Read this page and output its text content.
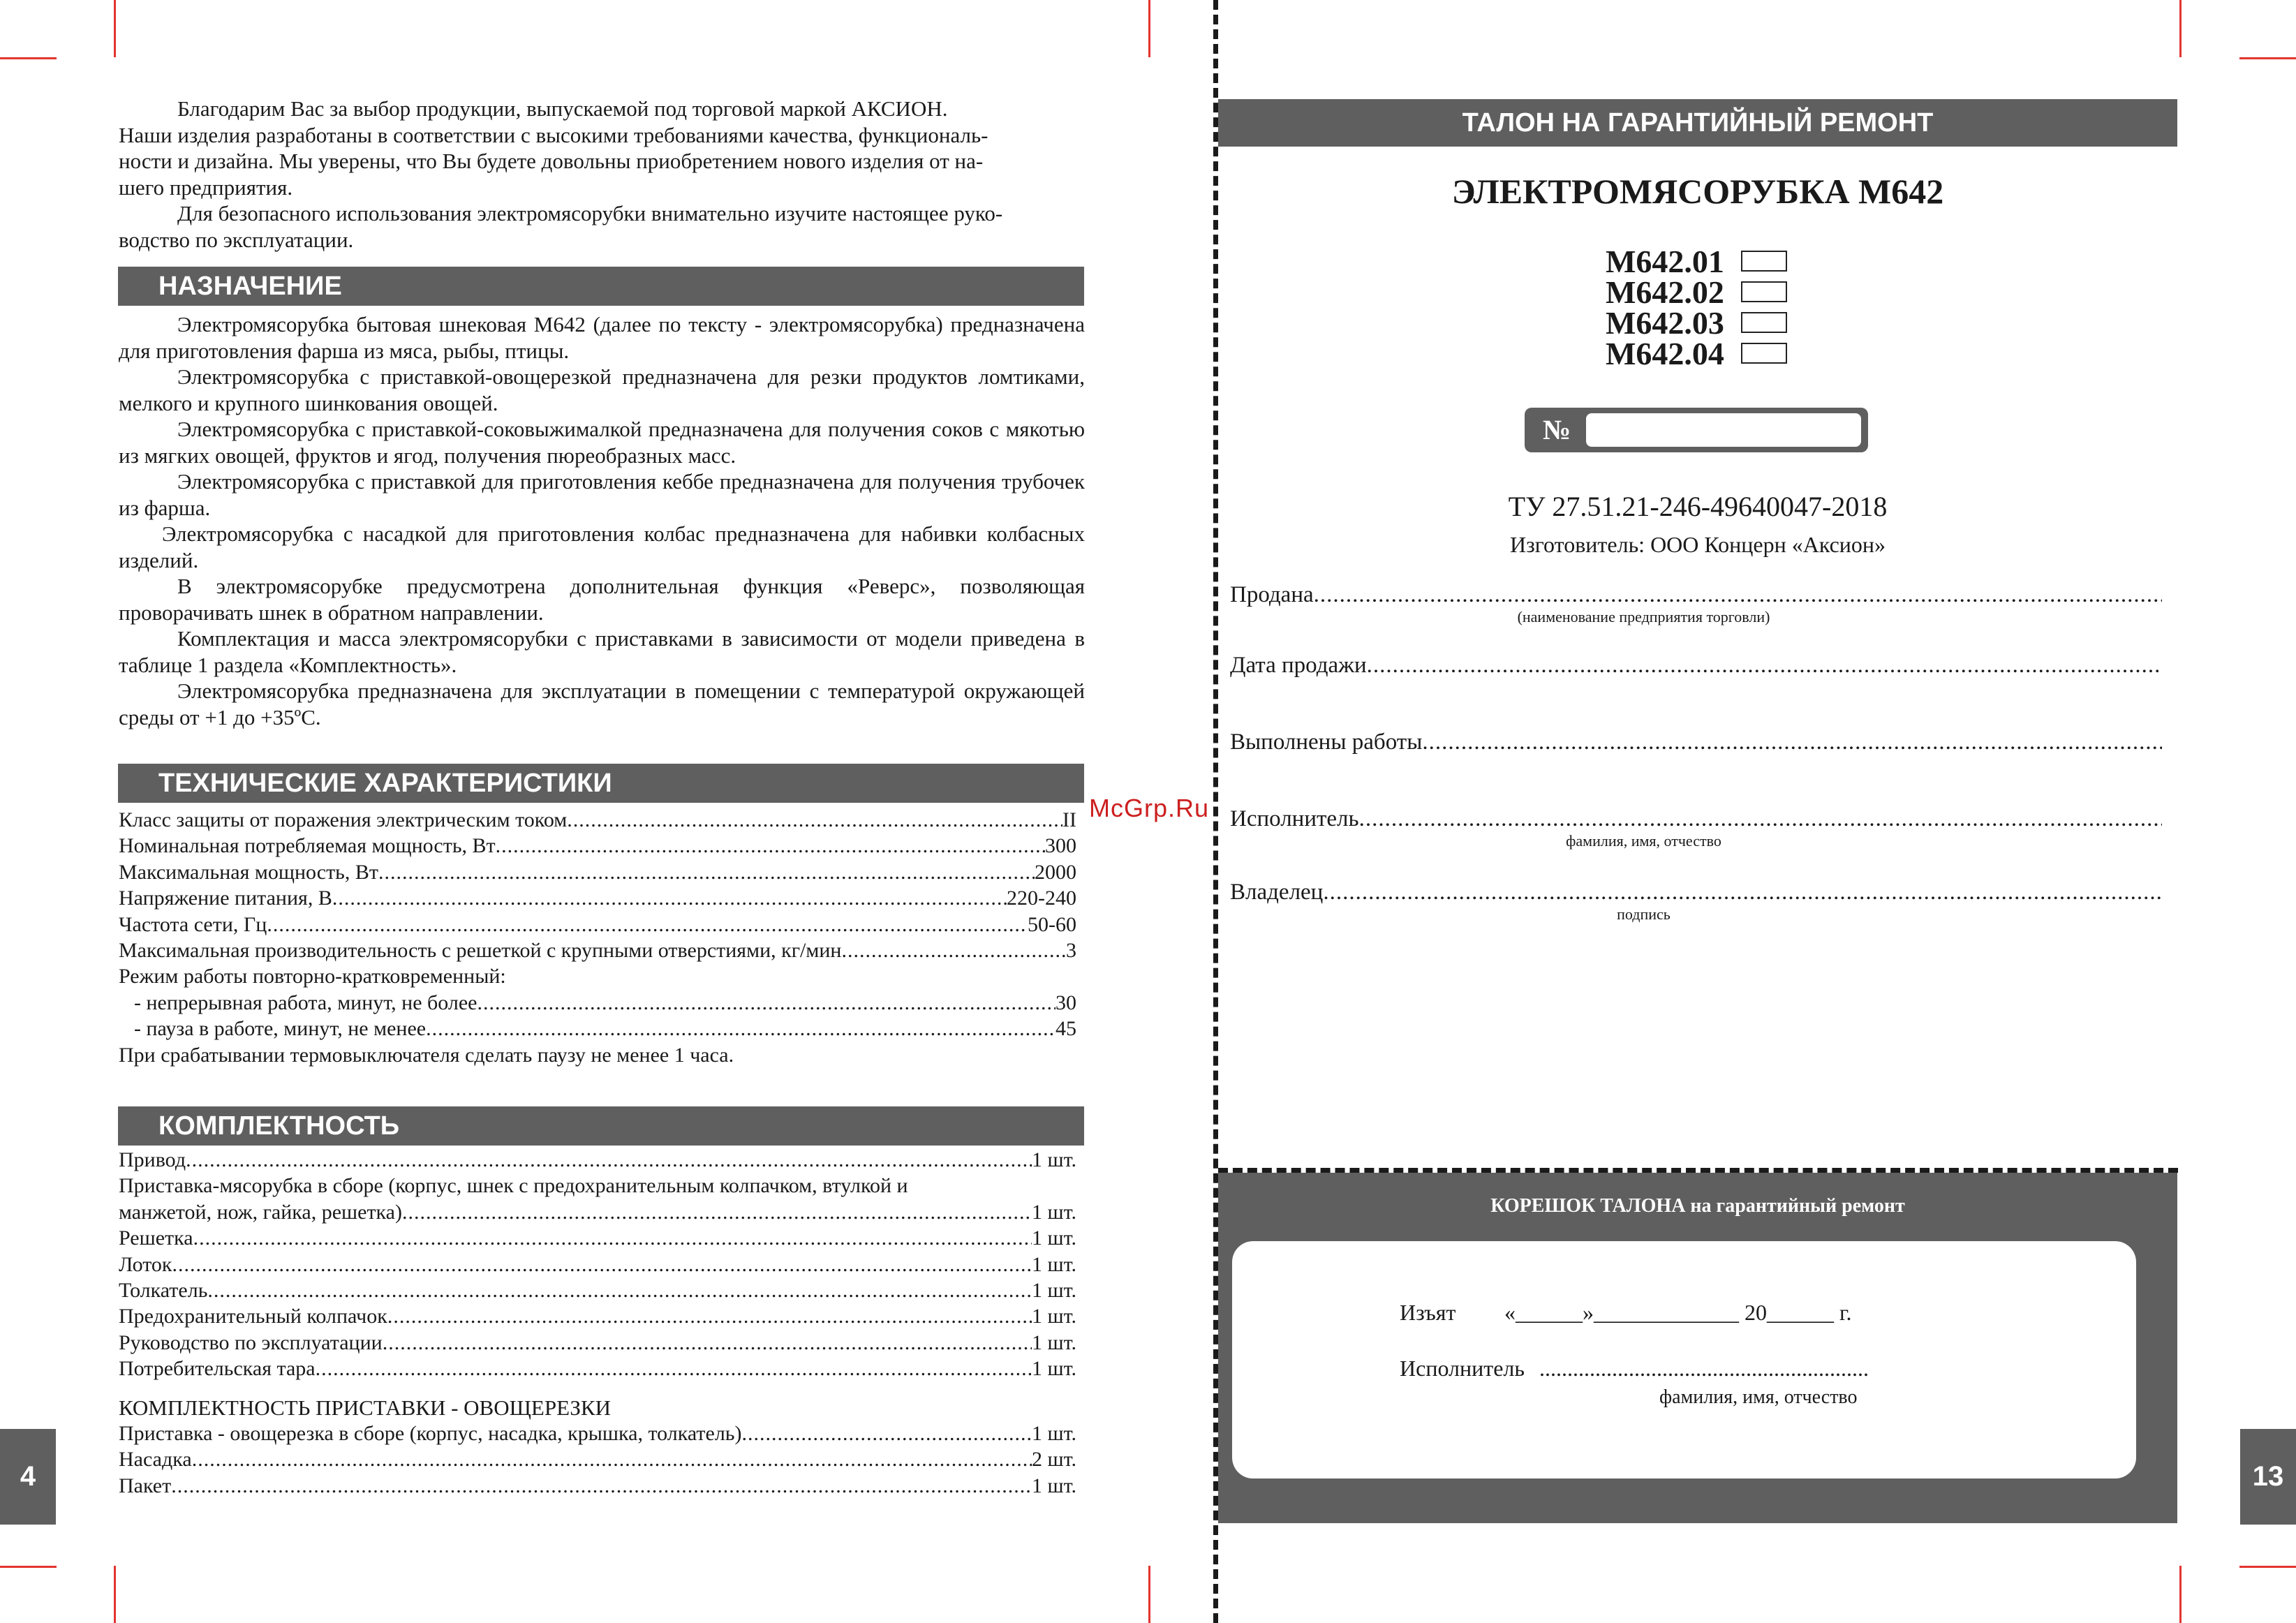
Благодарим Вас за выбор продукции, выпускаемой под торговой маркой АКСИОН.

Наши изделия разработаны в соответствии с высокими требованиями качества, функциональ-

ности и дизайна. Мы уверены, что Вы будете довольны приобретением нового изделия от на-

шего предприятия.

Для безопасного использования электромясорубки внимательно изучите настоящее руко-

водство по эксплуатации.

НАЗНАЧЕНИЕ

Электромясорубка бытовая шнековая М642 (далее по тексту - электромясорубка) предназначена для приготовления фарша из мяса, рыбы, птицы.

Электромясорубка с приставкой-овощерезкой предназначена для резки продуктов ломтиками, мелкого и крупного шинкования овощей.

Электромясорубка с приставкой-соковыжималкой предназначена для получения соков с мякотью из мягких овощей, фруктов и ягод, получения пюреобразных масс.

Электромясорубка с приставкой для приготовления кеббе предназначена для получения трубочек из фарша.

Электромясорубка с насадкой для приготовления колбас предназначена для набивки колбасных изделий.

В электромясорубке предусмотрена дополнительная функция «Реверс», позволяющая проворачивать шнек в обратном направлении.

Комплектация и масса электромясорубки с приставками в зависимости от модели приведена в таблице 1 раздела «Комплектность».

Электромясорубка предназначена для эксплуатации в помещении с температурой окружающей среды от +1 до +35ºС.

ТЕХНИЧЕСКИЕ ХАРАКТЕРИСТИКИ
Класс защиты от поражения электрическим током .....	II
Номинальная потребляемая мощность, Вт .....	300
Максимальная мощность, Вт .....	2000
Напряжение питания, В .....	220-240
Частота сети, Гц .....	50-60
Максимальная производительность с решеткой с крупными отверстиями, кг/мин .....	3
Режим работы повторно-кратковременный:
- непрерывная работа, минут, не более .....	30
- пауза в работе, минут, не менее .....	45
При срабатывании термовыключателя сделать паузу не менее 1 часа.
КОМПЛЕКТНОСТЬ
Привод .....	1 шт.
Приставка-мясорубка в сборе (корпус, шнек с предохранительным колпачком, втулкой и
манжетой, нож, гайка, решетка) .....	1 шт.
Решетка .....	1 шт.
Лоток .....	1 шт.
Толкатель .....	1 шт.
Предохранительный колпачок .....	1 шт.
Руководство по эксплуатации .....	1 шт.
Потребительская тара .....	1 шт.
КОМПЛЕКТНОСТЬ ПРИСТАВКИ - ОВОЩЕРЕЗКИ
Приставка - овощерезка в сборе (корпус, насадка, крышка, толкатель) .....	1 шт.
Насадка .....	2 шт.
Пакет .....	1 шт.
4
McGrp.Ru
ТАЛОН НА ГАРАНТИЙНЫЙ РЕМОНТ
ЭЛЕКТРОМЯСОРУБКА М642
М642.01
М642.02
М642.03
М642.04
№
ТУ 27.51.21-246-49640047-2018
Изготовитель: ООО Концерн «Аксион»
Продана
.....
(наименование предприятия торговли)
Дата продажи
.....
Выполнены работы
.....
Исполнитель
.....
фамилия, имя, отчество
Владелец
.....
подпись
КОРЕШОК ТАЛОНА на гарантийный ремонт
Изъят «______»_____________ 20______ г.
Исполнитель ...........................................................
фамилия, имя, отчество
13
